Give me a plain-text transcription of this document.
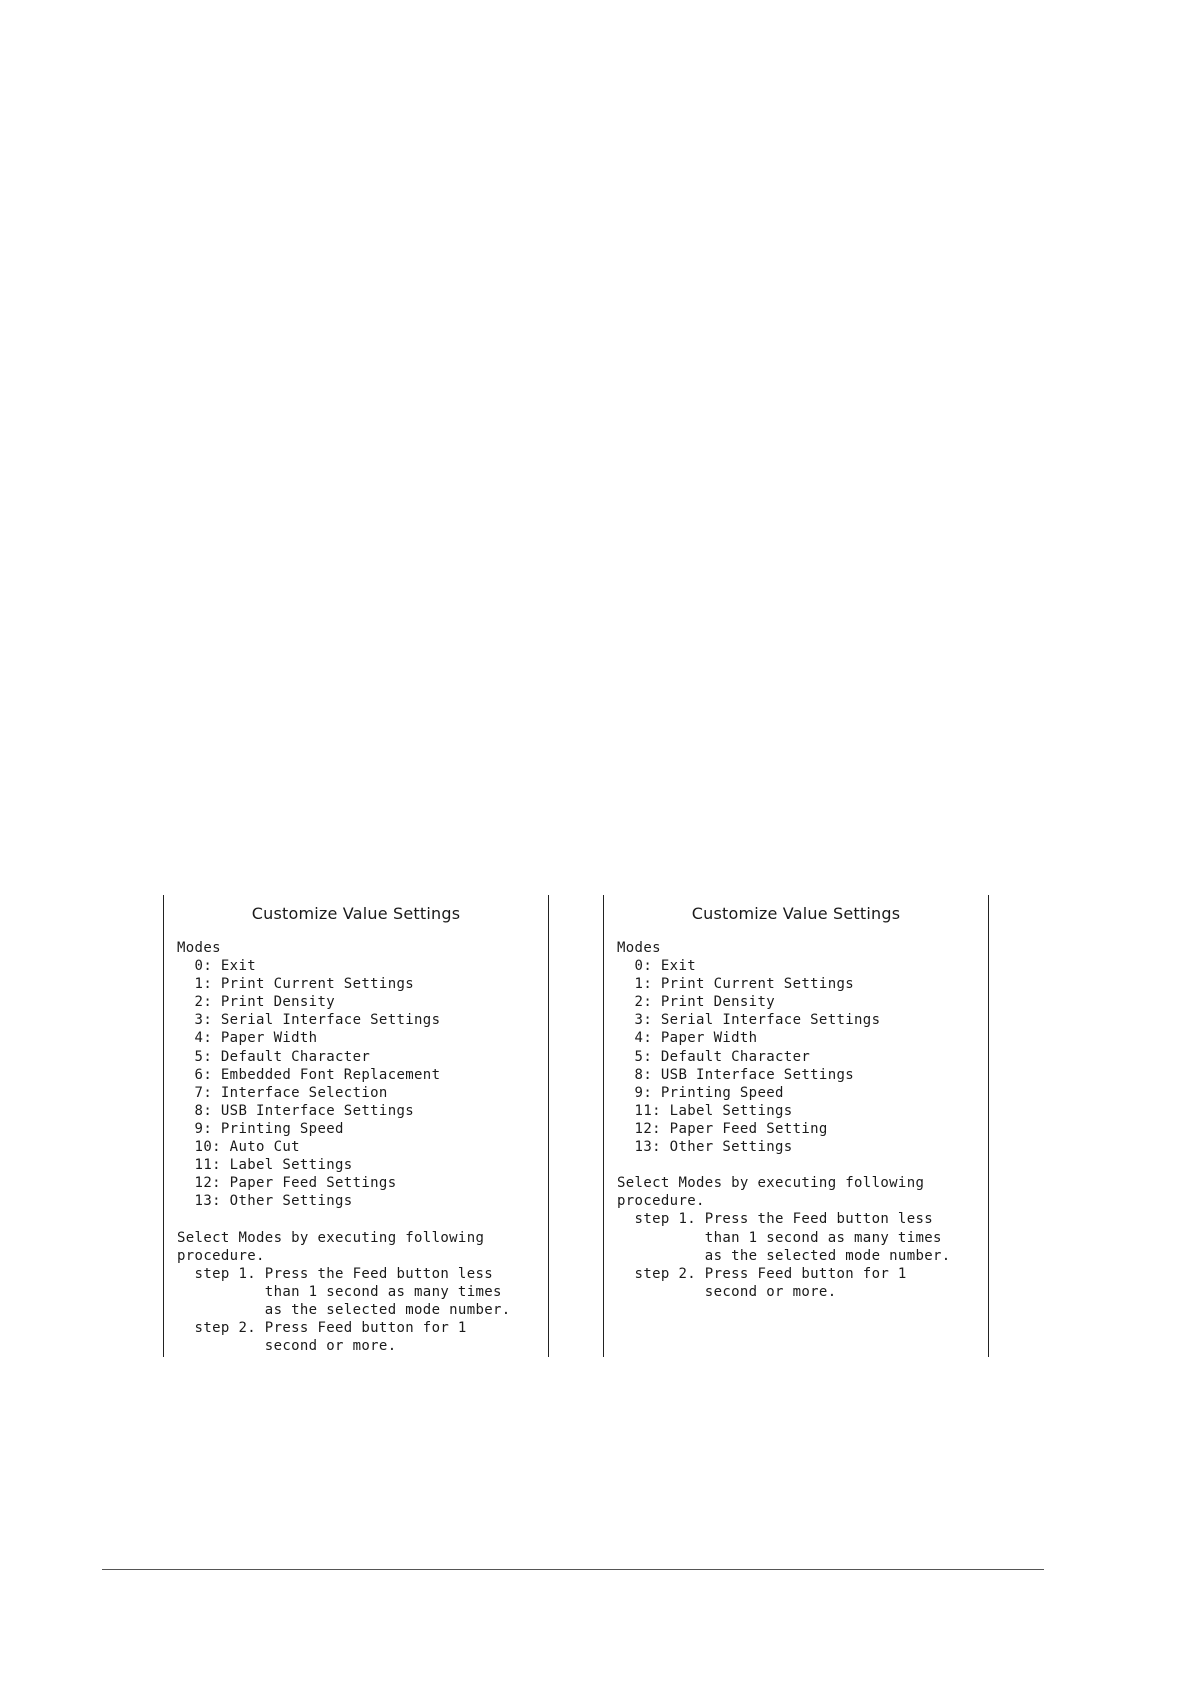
Customize Value Settings
Modes
0: Exit
1: Print Current Settings
2: Print Density
3: Serial Interface Settings
4: Paper Width
5: Default Character
6: Embedded Font Replacement
7: Interface Selection
8: USB Interface Settings
9: Printing Speed
10: Auto Cut
11: Label Settings
12: Paper Feed Settings
13: Other Settings
Select Modes by executing following
procedure.
step 1. Press the Feed button less
than 1 second as many times
as the selected mode number.
step 2. Press Feed button for 1
second or more.
Customize Value Settings
Modes
0: Exit
1: Print Current Settings
2: Print Density
3: Serial Interface Settings
4: Paper Width
5: Default Character
8: USB Interface Settings
9: Printing Speed
11: Label Settings
12: Paper Feed Setting
13: Other Settings
Select Modes by executing following
procedure.
step 1. Press the Feed button less
than 1 second as many times
as the selected mode number.
step 2. Press Feed button for 1
second or more.
